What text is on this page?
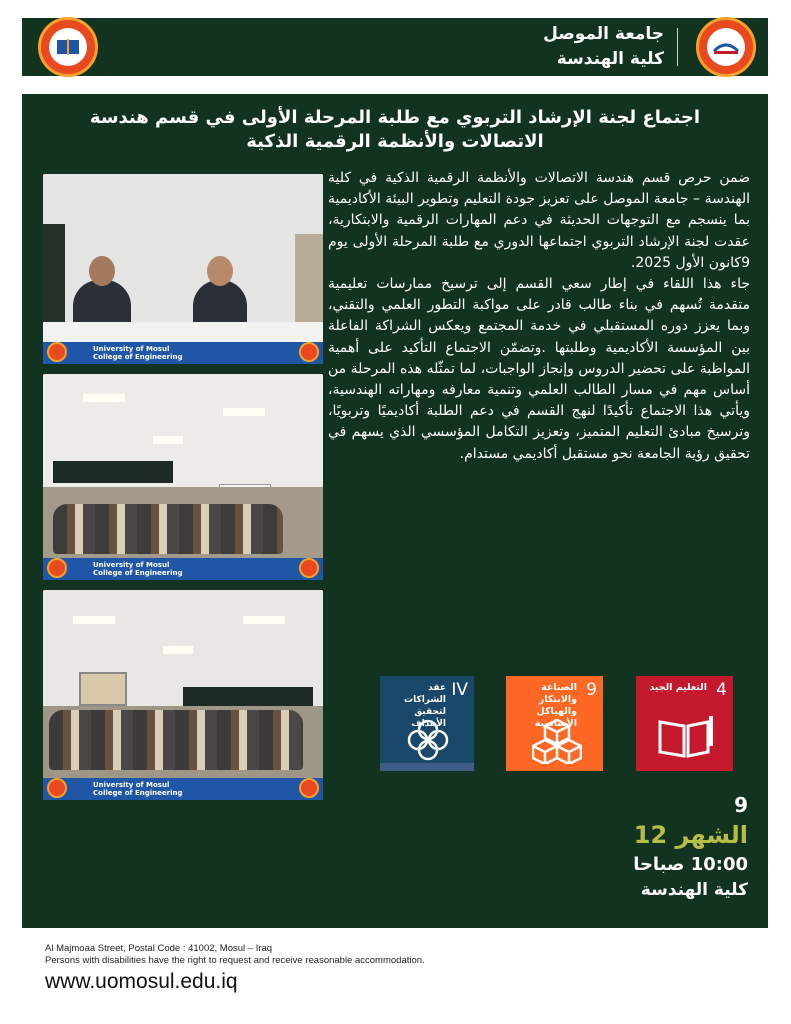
جامعة الموصل
كلية الهندسة
اجتماع لجنة الإرشاد التربوي مع طلبة المرحلة الأولى في قسم هندسة الاتصالات والأنظمة الرقمية الذكية
University of Mosul
College of Engineering
University of Mosul
College of Engineering
University of Mosul
College of Engineering

ضمن حرص قسم هندسة الاتصالات والأنظمة الرقمية الذكية في كلية الهندسة – جامعة الموصل على تعزيز جودة التعليم وتطوير البيئة الأكاديمية بما ينسجم مع التوجهات الحديثة في دعم المهارات الرقمية والابتكارية، عقدت لجنة الإرشاد التربوي اجتماعها الدوري مع طلبة المرحلة الأولى يوم 9كانون الأول 2025.

جاء هذا اللقاء في إطار سعي القسم إلى ترسيخ ممارسات تعليمية متقدمة تُسهم في بناء طالب قادر على مواكبة التطور العلمي والتقني، وبما يعزز دوره المستقبلي في خدمة المجتمع ويعكس الشراكة الفاعلة بين المؤسسة الأكاديمية وطلبتها .وتضمّن الاجتماع التأكيد على أهمية المواظبة على تحضير الدروس وإنجاز الواجبات، لما تمثّله هذه المرحلة من أساس مهم في مسار الطالب العلمي وتنمية معارفه ومهاراته الهندسية، ويأتي هذا الاجتماع تأكيدًا لنهج القسم في دعم الطلبة أكاديميًا وتربويًا، وترسيخ مبادئ التعليم المتميز، وتعزيز التكامل المؤسسي الذي يسهم في تحقيق رؤية الجامعة نحو مستقبل أكاديمي مستدام.

4
التعليم الجيد
9
الصناعة والابتكار والهياكل الأساسية
IV
عقد الشراكات لتحقيق الأهداف
9
الشهر 12
10:00 صباحا
كلية الهندسة
Al Majmoaa Street, Postal Code : 41002, Mosul – Iraq
Persons with disabilities have the right to request and receive reasonable accommodation.
www.uomosul.edu.iq
